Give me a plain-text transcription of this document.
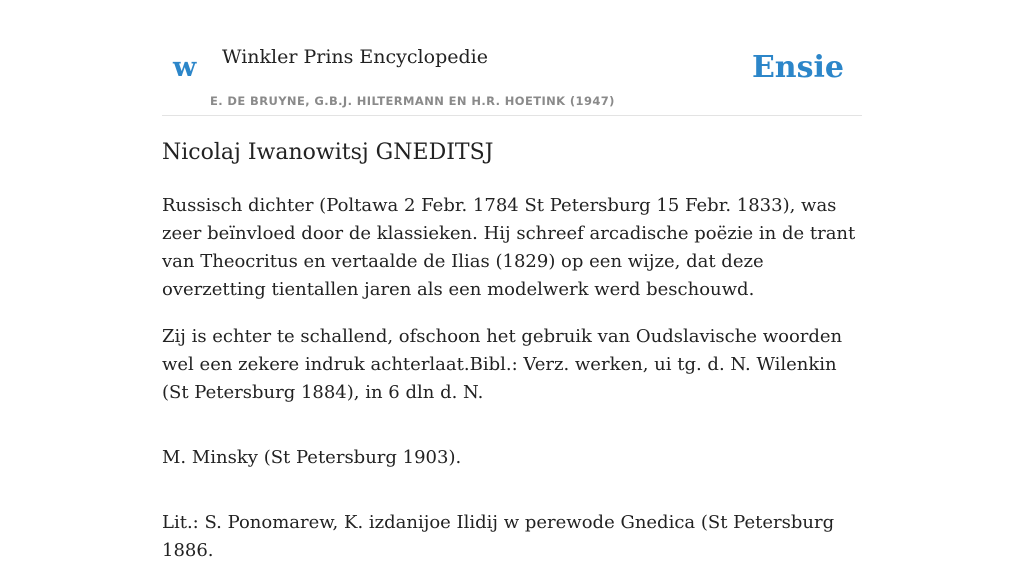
w Winkler Prins Encyclopedie
E. DE BRUYNE, G.B.J. HILTERMANN EN H.R. HOETINK (1947)
Ensie
Nicolaj Iwanowitsj GNEDITSJ

Russisch dichter (Poltawa 2 Febr. 1784 St Petersburg 15 Febr. 1833), was zeer beïnvloed door de klassieken. Hij schreef arcadische poëzie in de trant van Theocritus en vertaalde de Ilias (1829) op een wijze, dat deze overzetting tientallen jaren als een modelwerk werd beschouwd.

Zij is echter te schallend, ofschoon het gebruik van Oudslavische woorden wel een zekere indruk achterlaat.Bibl.: Verz. werken, ui tg. d. N. Wilenkin (St Petersburg 1884), in 6 dln d. N.

M. Minsky (St Petersburg 1903).

Lit.: S. Ponomarew, K. izdanijoe Ilidij w perewode Gnedica (St Petersburg 1886.
